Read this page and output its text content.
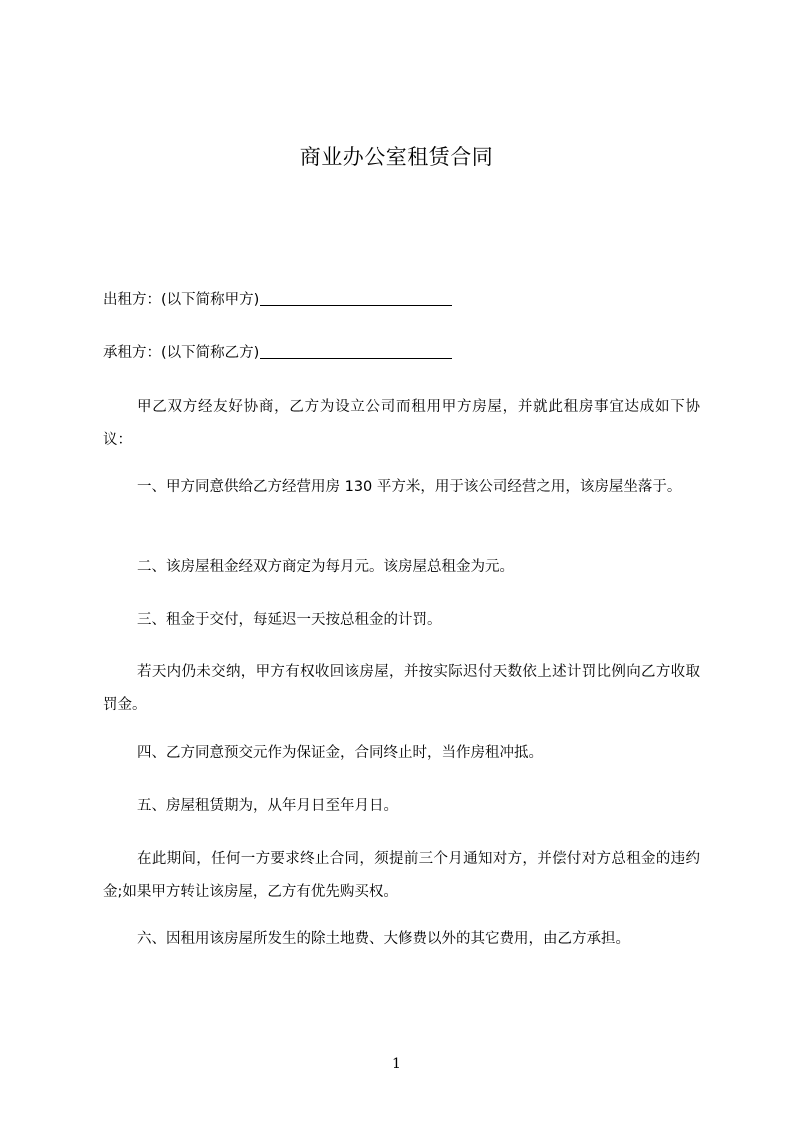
商业办公室租赁合同
出租方：(以下简称甲方)
承租方：(以下简称乙方)
甲乙双方经友好协商，乙方为设立公司而租用甲方房屋，并就此租房事宜达成如下协议：
一、甲方同意供给乙方经营用房 130 平方米，用于该公司经营之用，该房屋坐落于。
二、该房屋租金经双方商定为每月元。该房屋总租金为元。
三、租金于交付，每延迟一天按总租金的计罚。
若天内仍未交纳，甲方有权收回该房屋，并按实际迟付天数依上述计罚比例向乙方收取罚金。
四、乙方同意预交元作为保证金，合同终止时，当作房租冲抵。
五、房屋租赁期为，从年月日至年月日。
在此期间，任何一方要求终止合同，须提前三个月通知对方，并偿付对方总租金的违约金;如果甲方转让该房屋，乙方有优先购买权。
六、因租用该房屋所发生的除土地费、大修费以外的其它费用，由乙方承担。
1
